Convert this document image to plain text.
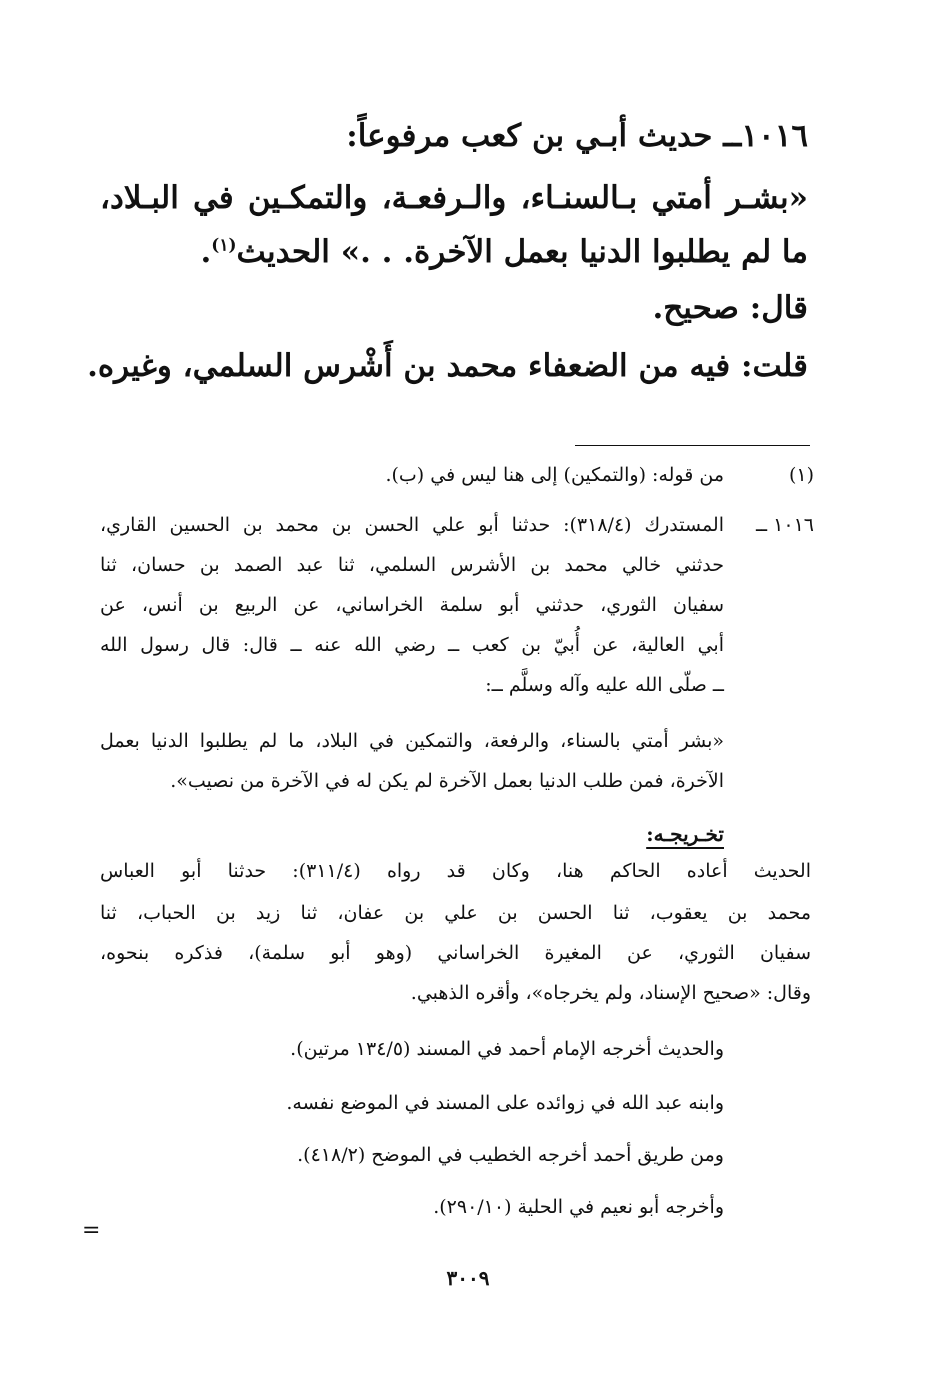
١٠١٦ــ حديث أبـي بن كعب مرفوعاً:
«بشـر أمتي بـالسنـاء، والـرفعـة، والتمكـين في البـلاد،
ما لم يطلبوا الدنيا بعمل الآخرة. . .» الحديث$^{(١)}$.
قال: صحيح.
قلت: فيه من الضعفاء محمد بن أَشْرس السلمي، وغيره.
(١)
من قوله: (والتمكين) إلى هنا ليس في (ب).
١٠١٦ ــ
المستدرك (٣١٨/٤): حدثنا أبو علي الحسن بن محمد بن الحسين القاري،
حدثني خالي محمد بن الأشرس السلمي، ثنا عبد الصمد بن حسان، ثنا
سفيان الثوري، حدثني أبو سلمة الخراساني، عن الربيع بن أنس، عن
أبي العالية، عن أُبيّ بن كعب ــ رضي الله عنه ــ قال: قال رسول الله
ــ صلّى الله عليه وآله وسلَّم ــ:
«بشر أمتي بالسناء، والرفعة، والتمكين في البلاد، ما لم يطلبوا الدنيا بعمل
الآخرة، فمن طلب الدنيا بعمل الآخرة لم يكن له في الآخرة من نصيب».
تخـريجـه:
الحديث أعاده الحاكم هنا، وكان قد رواه (٣١١/٤): حدثنا أبو العباس
محمد بن يعقوب، ثنا الحسن بن علي بن عفان، ثنا زيد بن الحباب، ثنا
سفيان الثوري، عن المغيرة الخراساني (وهو أبو سلمة)، فذكره بنحوه،
وقال: «صحيح الإسناد، ولم يخرجاه»، وأقره الذهبي.
والحديث أخرجه الإمام أحمد في المسند (١٣٤/٥ مرتين).
وابنه عبد الله في زوائده على المسند في الموضع نفسه.
ومن طريق أحمد أخرجه الخطيب في الموضح (٤١٨/٢).
وأخرجه أبو نعيم في الحلية (٢٩٠/١٠).
=
٣٠٠٩
